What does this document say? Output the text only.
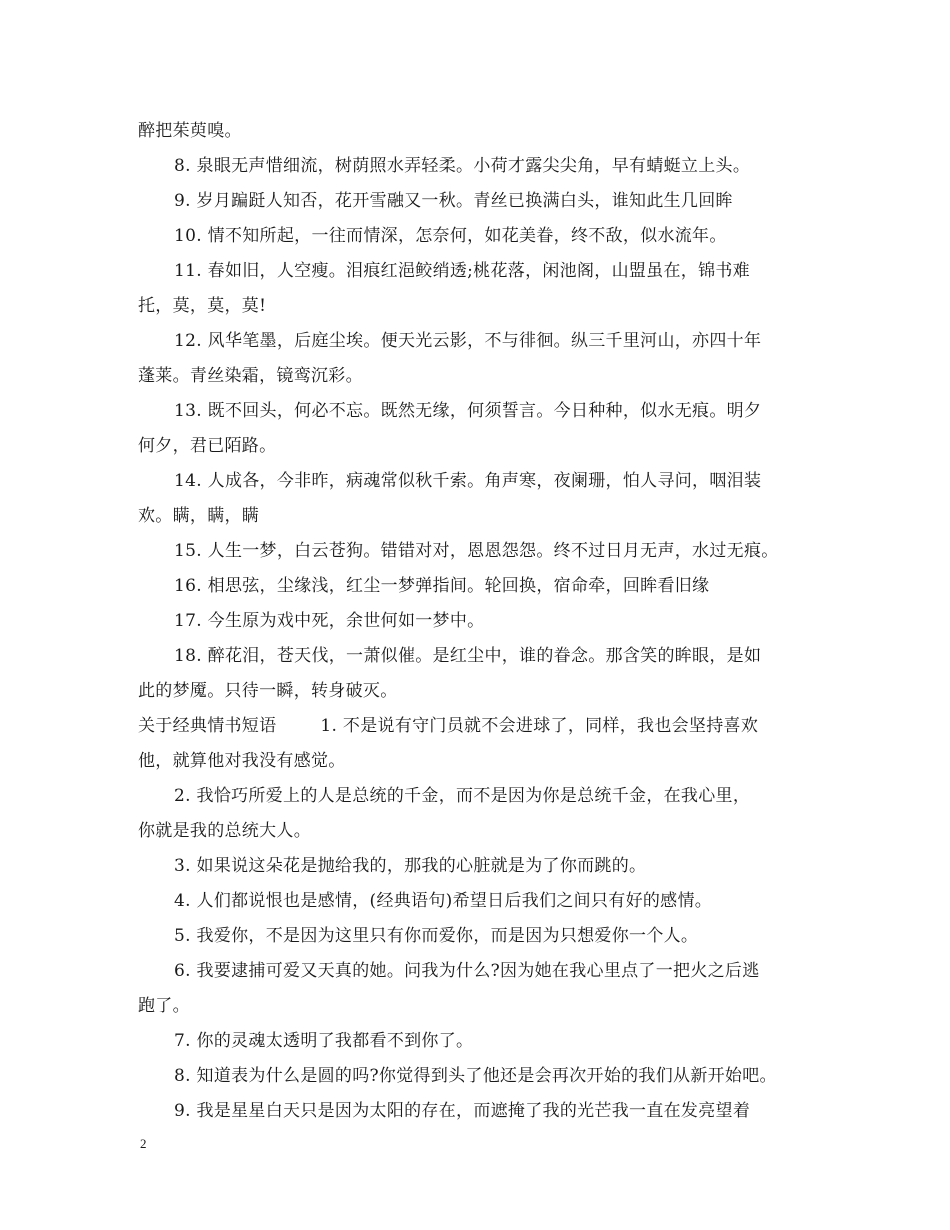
醉把茱萸嗅。
8. 泉眼无声惜细流，树荫照水弄轻柔。小荷才露尖尖角，早有蜻蜓立上头。
9. 岁月蹁跹人知否，花开雪融又一秋。青丝已换满白头，谁知此生几回眸
10. 情不知所起，一往而情深，怎奈何，如花美眷，终不敌，似水流年。
11. 春如旧，人空瘦。泪痕红浥鲛绡透;桃花落，闲池阁，山盟虽在，锦书难
托，莫，莫，莫!
12. 风华笔墨，后庭尘埃。便天光云影，不与徘徊。纵三千里河山，亦四十年
蓬莱。青丝染霜，镜鸾沉彩。
13. 既不回头，何必不忘。既然无缘，何须誓言。今日种种，似水无痕。明夕
何夕，君已陌路。
14. 人成各，今非昨，病魂常似秋千索。角声寒，夜阑珊，怕人寻问，咽泪装
欢。瞒，瞒，瞒
15. 人生一梦，白云苍狗。错错对对，恩恩怨怨。终不过日月无声，水过无痕。
16. 相思弦，尘缘浅，红尘一梦弹指间。轮回换，宿命牵，回眸看旧缘
17. 今生原为戏中死，余世何如一梦中。
18. 醉花泪，苍天伐，一萧似催。是红尘中，谁的眷念。那含笑的眸眼，是如
此的梦魇。只待一瞬，转身破灭。
关于经典情书短语	1. 不是说有守门员就不会进球了，同样，我也会坚持喜欢
他，就算他对我没有感觉。
2. 我恰巧所爱上的人是总统的千金，而不是因为你是总统千金，在我心里，
你就是我的总统大人。
3. 如果说这朵花是抛给我的，那我的心脏就是为了你而跳的。
4. 人们都说恨也是感情，(经典语句)希望日后我们之间只有好的感情。
5. 我爱你，不是因为这里只有你而爱你，而是因为只想爱你一个人。
6. 我要逮捕可爱又天真的她。问我为什么?因为她在我心里点了一把火之后逃
跑了。
7. 你的灵魂太透明了我都看不到你了。
8. 知道表为什么是圆的吗?你觉得到头了他还是会再次开始的我们从新开始吧。
9. 我是星星白天只是因为太阳的存在，而遮掩了我的光芒我一直在发亮望着
2
